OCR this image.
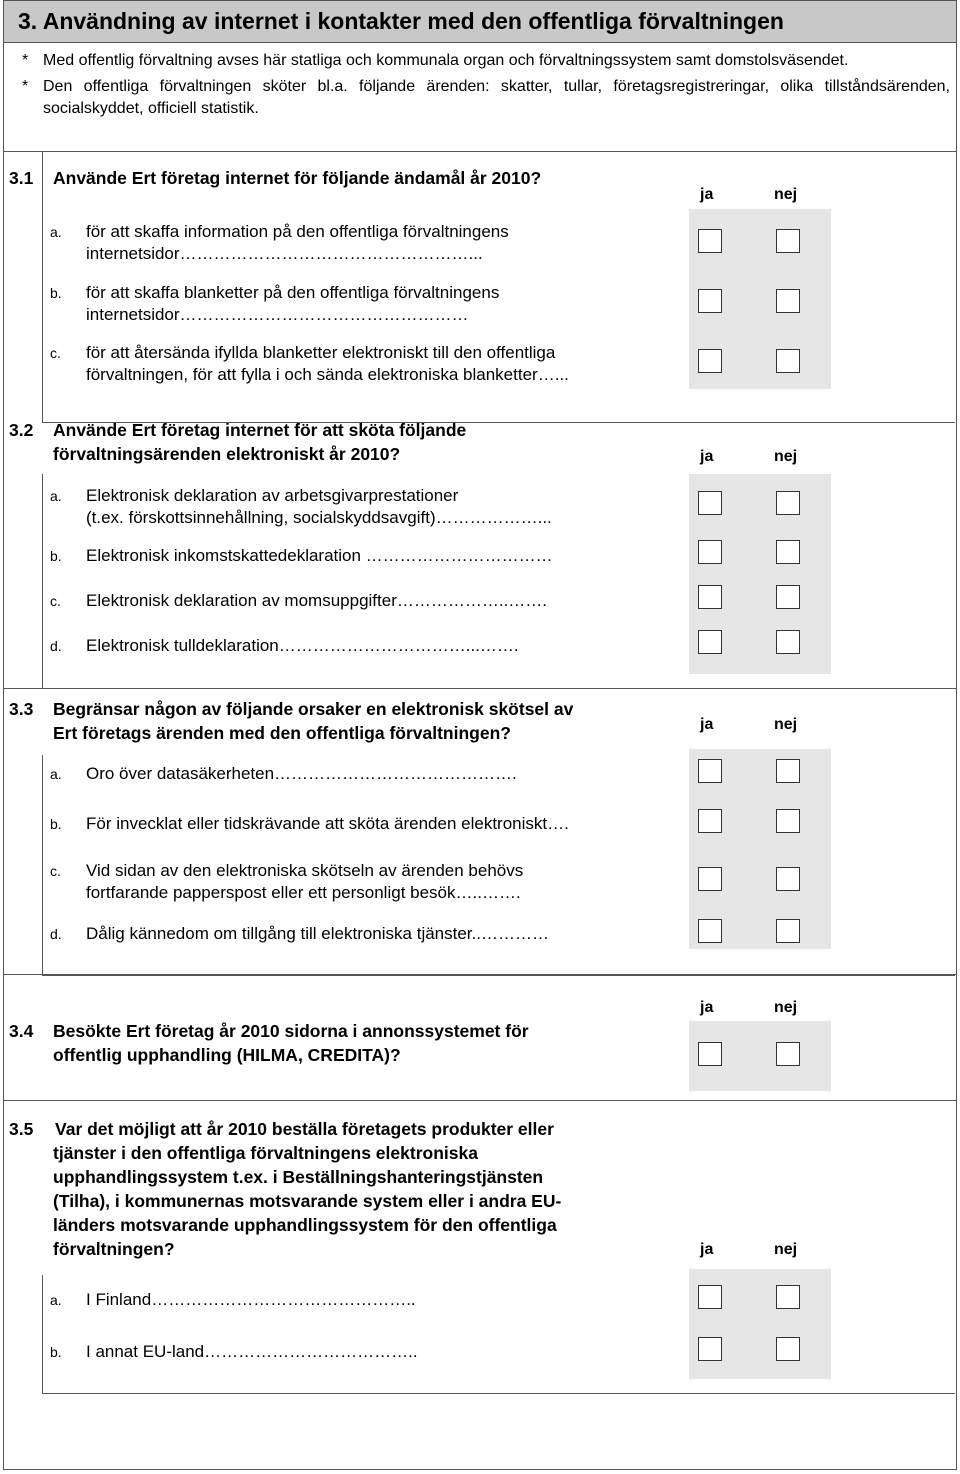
3. Användning av internet i kontakter med den offentliga förvaltningen
* Med offentlig förvaltning avses här statliga och kommunala organ och förvaltningssystem samt domstolsväsendet.
* Den offentliga förvaltningen sköter bl.a. följande ärenden: skatter, tullar, företagsregistreringar, olika tillståndsärenden, socialskyddet, officiell statistik.
3.1 Använde Ert företag internet för följande ändamål år 2010?
ja	nej
a. för att skaffa information på den offentliga förvaltningens
internetsidor……………………………………………...
b. för att skaffa blanketter på den offentliga förvaltningens
internetsidor……………………………………………
c. för att återsända ifyllda blanketter elektroniskt till den offentliga
förvaltningen, för att fylla i och sända elektroniska blanketter…...
3.2 Använde Ert företag internet för att sköta följande
förvaltningsärenden elektroniskt år 2010?	ja	nej
a. Elektronisk deklaration av arbetsgivarprestationer
(t.ex. förskottsinnehållning, socialskyddsavgift)………………...
b. Elektronisk inkomstskattedeklaration ……………………………
c. Elektronisk deklaration av momsuppgifter………………..…….
d. Elektronisk tulldeklaration……………………………...…….
3.3 Begränsar någon av följande orsaker en elektronisk skötsel av
Ert företags ärenden med den offentliga förvaltningen?	ja	nej
a. Oro över datasäkerheten…………………………………….
b. För invecklat eller tidskrävande att sköta ärenden elektroniskt….
c. Vid sidan av den elektroniska skötseln av ärenden behövs
fortfarande papperspost eller ett personligt besök…..…….
d. Dålig kännedom om tillgång till elektroniska tjänster..…………
ja	nej
3.4 Besökte Ert företag år 2010 sidorna i annonssystemet för
offentlig upphandling (HILMA, CREDITA)?
3.5 Var det möjligt att år 2010 beställa företagets produkter eller
tjänster i den offentliga förvaltningens elektroniska
upphandlingssystem t.ex. i Beställningshanteringstjänsten
(Tilha), i kommunernas motsvarande system eller i andra EU-
länders motsvarande upphandlingssystem för den offentliga
förvaltningen?	ja	nej
a. I Finland………………………………………..
b. I annat EU-land………………………………..
